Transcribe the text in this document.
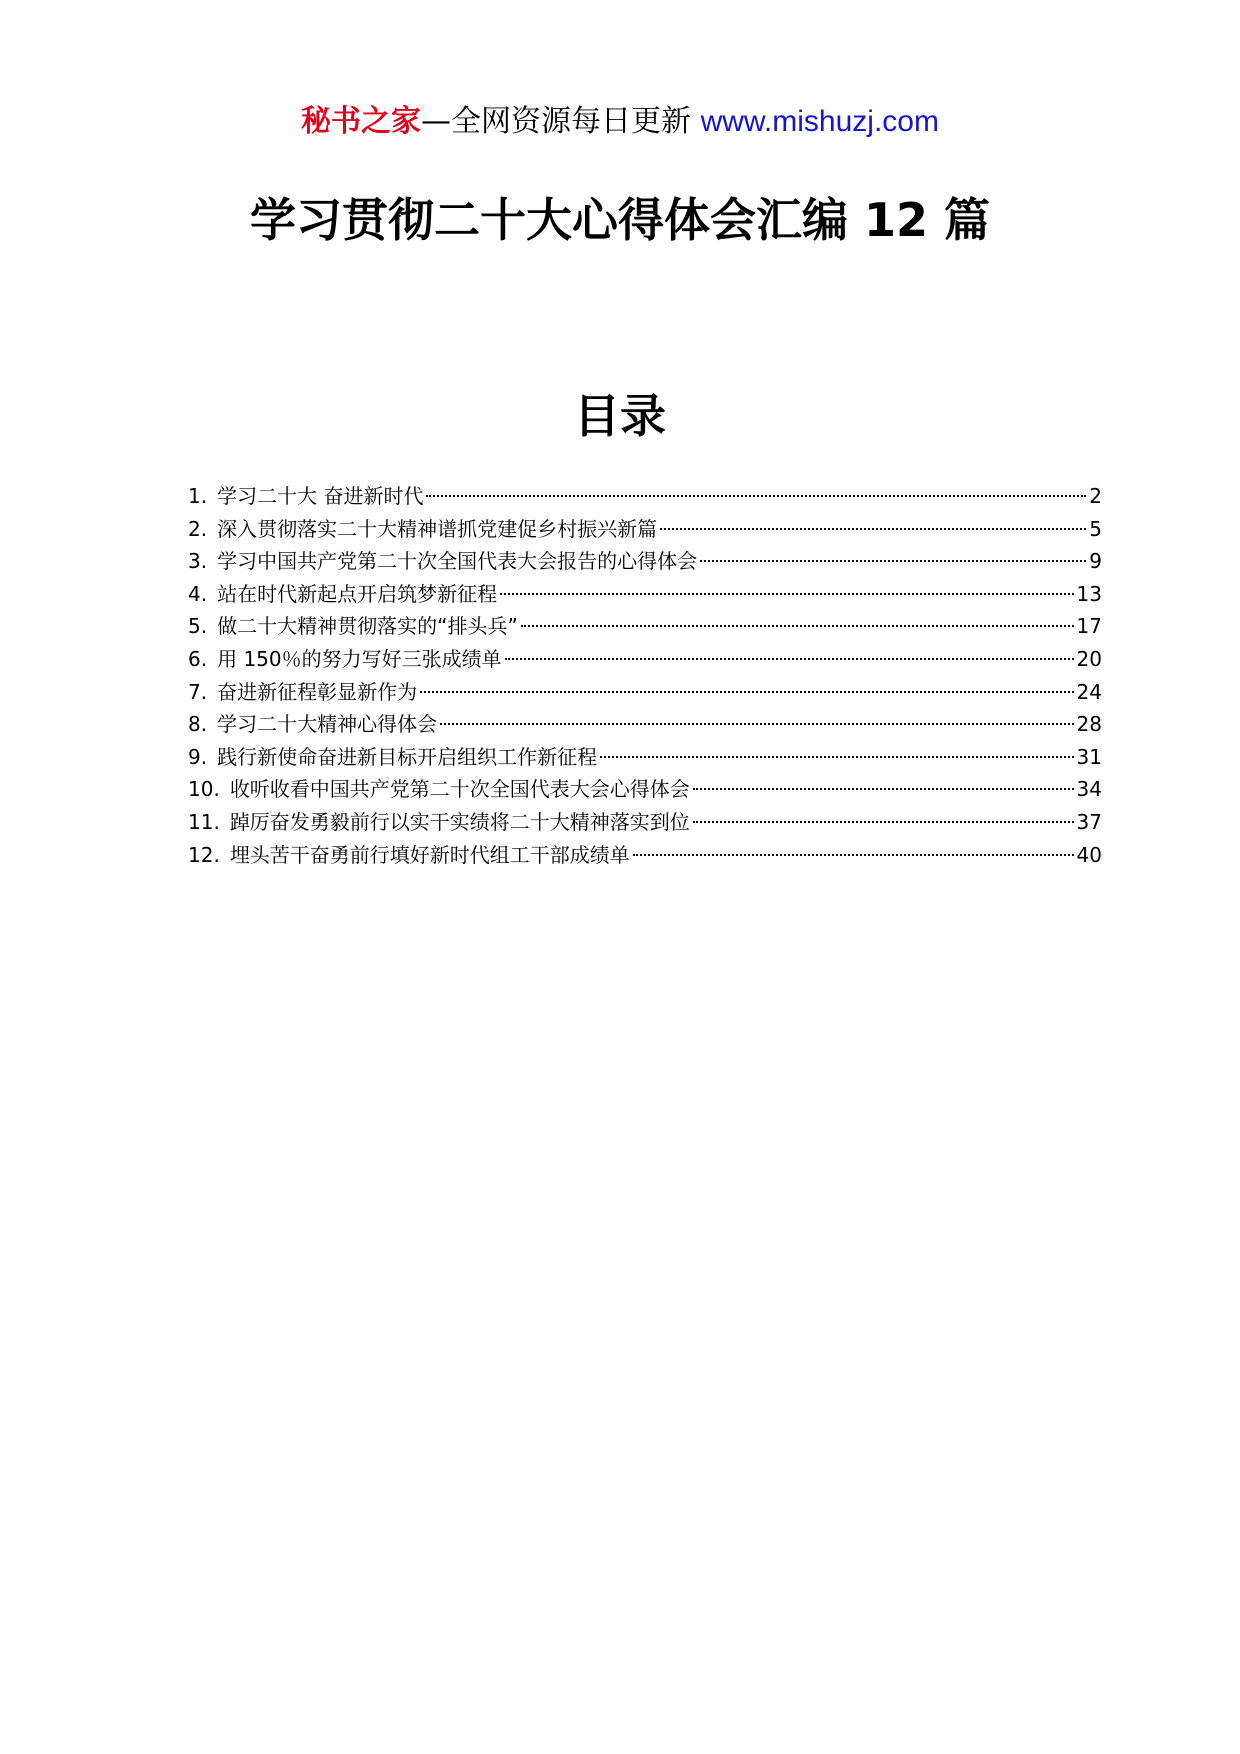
秘书之家—全网资源每日更新 www.mishuzj.com
学习贯彻二十大心得体会汇编 12 篇
目录
1. 学习二十大 奋进新时代	2
2. 深入贯彻落实二十大精神谱抓党建促乡村振兴新篇	5
3. 学习中国共产党第二十次全国代表大会报告的心得体会	9
4. 站在时代新起点开启筑梦新征程	13
5. 做二十大精神贯彻落实的“排头兵”	17
6. 用 150％的努力写好三张成绩单	20
7. 奋进新征程彰显新作为	24
8. 学习二十大精神心得体会	28
9. 践行新使命奋进新目标开启组织工作新征程	31
10. 收听收看中国共产党第二十次全国代表大会心得体会	34
11. 踔厉奋发勇毅前行以实干实绩将二十大精神落实到位	37
12. 埋头苦干奋勇前行填好新时代组工干部成绩单	40
